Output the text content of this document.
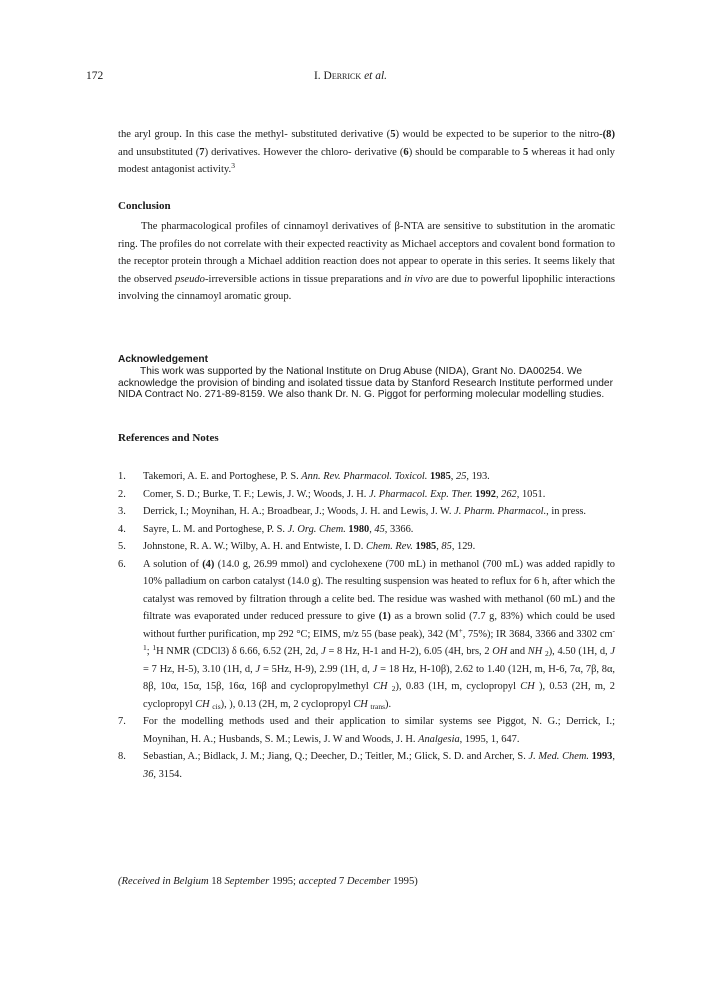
172	I. Derrick et al.

the aryl group. In this case the methyl- substituted derivative (5) would be expected to be superior to the nitro-(8) and unsubstituted (7) derivatives. However the chloro- derivative (6) should be comparable to 5 whereas it had only modest antagonist activity.$^3$

Conclusion

The pharmacological profiles of cinnamoyl derivatives of β-NTA are sensitive to substitution in the aromatic ring. The profiles do not correlate with their expected reactivity as Michael acceptors and covalent bond formation to the receptor protein through a Michael addition reaction does not appear to operate in this series. It seems likely that the observed pseudo-irreversible actions in tissue preparations and in vivo are due to powerful lipophilic interactions involving the cinnamoyl aromatic group.

Acknowledgement

This work was supported by the National Institute on Drug Abuse (NIDA), Grant No. DA00254. We acknowledge the provision of binding and isolated tissue data by Stanford Research Institute performed under NIDA Contract No. 271-89-8159. We also thank Dr. N. G. Piggot for performing molecular modelling studies.

References and Notes
1. Takemori, A. E. and Portoghese, P. S. Ann. Rev. Pharmacol. Toxicol. 1985, 25, 193.
2. Comer, S. D.; Burke, T. F.; Lewis, J. W.; Woods, J. H. J. Pharmacol. Exp. Ther. 1992, 262, 1051.
3. Derrick, I.; Moynihan, H. A.; Broadbear, J.; Woods, J. H. and Lewis, J. W. J. Pharm. Pharmacol., in press.
4. Sayre, L. M. and Portoghese, P. S. J. Org. Chem. 1980, 45, 3366.
5. Johnstone, R. A. W.; Wilby, A. H. and Entwiste, I. D. Chem. Rev. 1985, 85, 129.
6. A solution of (4) (14.0 g, 26.99 mmol) and cyclohexene (700 mL) in methanol (700 mL) was added rapidly to 10% palladium on carbon catalyst (14.0 g). The resulting suspension was heated to reflux for 6 h, after which the catalyst was removed by filtration through a celite bed. The residue was washed with methanol (60 mL) and the filtrate was evaporated under reduced pressure to give (1) as a brown solid (7.7 g, 83%) which could be used without further purification, mp 292 °C; EIMS, m/z 55 (base peak), 342 (M+, 75%); IR 3684, 3366 and 3302 $cm^{-1}$; $^1$H NMR (CDCl3) δ 6.66, 6.52 (2H, 2d, J = 8 Hz, H-1 and H-2), 6.05 (4H, brs, 2 OH and NH $_2$), 4.50 (1H, d, J = 7 Hz, H-5), 3.10 (1H, d, J = 5Hz, H-9), 2.99 (1H, d, J = 18 Hz, H-10β), 2.62 to 1.40 (12H, m, H-6, 7α, 7β, 8α, 8β, 10α, 15α, 15β, 16α, 16β and cyclopropylmethyl CH $_2$), 0.83 (1H, m, cyclopropyl CH ), 0.53 (2H, m, 2 cyclopropyl CH $_{cis}$), ), 0.13 (2H, m, 2 cyclopropyl CH $_{trans}$).
7. For the modelling methods used and their application to similar systems see Piggot, N. G.; Derrick, I.; Moynihan, H. A.; Husbands, S. M.; Lewis, J. W and Woods, J. H. Analgesia, 1995, 1, 647.
8. Sebastian, A.; Bidlack, J. M.; Jiang, Q.; Deecher, D.; Teitler, M.; Glick, S. D. and Archer, S. J. Med. Chem. 1993, 36, 3154.
(Received in Belgium 18 September 1995; accepted 7 December 1995)
